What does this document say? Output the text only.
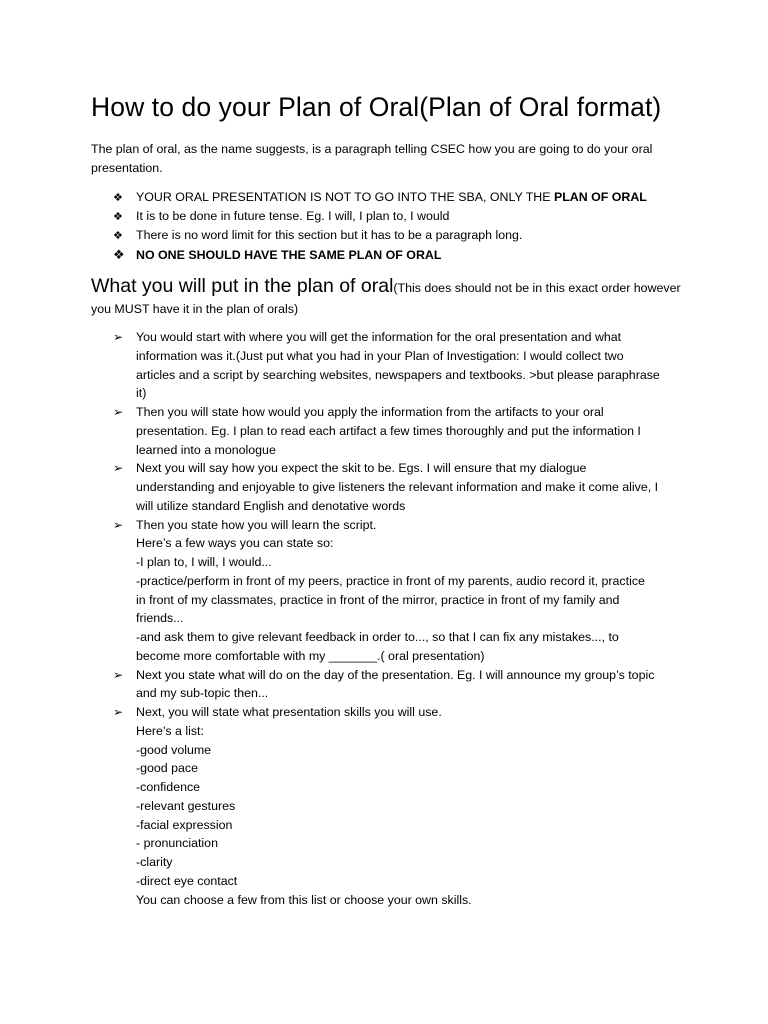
How to do your Plan of Oral(Plan of Oral format)

The plan of oral, as the name suggests, is a paragraph telling CSEC how you are going to do your oral
presentation.

❖ YOUR ORAL PRESENTATION IS NOT TO GO INTO THE SBA, ONLY THE PLAN OF ORAL
❖ It is to be done in future tense. Eg. I will, I plan to, I would
❖ There is no word limit for this section but it has to be a paragraph long.
❖ NO ONE SHOULD HAVE THE SAME PLAN OF ORAL
What you will put in the plan of oral(This does should not be in this exact order however
you MUST have it in the plan of orals)
➢ You would start with where you will get the information for the oral presentation and what
information was it.(Just put what you had in your Plan of Investigation: I would collect two
articles and a script by searching websites, newspapers and textbooks. >but please paraphrase
it)
➢ Then you will state how would you apply the information from the artifacts to your oral
presentation. Eg. I plan to read each artifact a few times thoroughly and put the information I
learned into a monologue
➢ Next you will say how you expect the skit to be. Egs. I will ensure that my dialogue
understanding and enjoyable to give listeners the relevant information and make it come alive, I
will utilize standard English and denotative words
➢ Then you state how you will learn the script.
Here’s a few ways you can state so:
-I plan to, I will, I would...
-practice/perform in front of my peers, practice in front of my parents, audio record it, practice
in front of my classmates, practice in front of the mirror, practice in front of my family and
friends...
-and ask them to give relevant feedback in order to..., so that I can fix any mistakes..., to
become more comfortable with my _______.( oral presentation)
➢ Next you state what will do on the day of the presentation. Eg. I will announce my group’s topic
and my sub-topic then...
➢ Next, you will state what presentation skills you will use.
Here’s a list:
-good volume
-good pace
-confidence
-relevant gestures
-facial expression
- pronunciation
-clarity
-direct eye contact
You can choose a few from this list or choose your own skills.
